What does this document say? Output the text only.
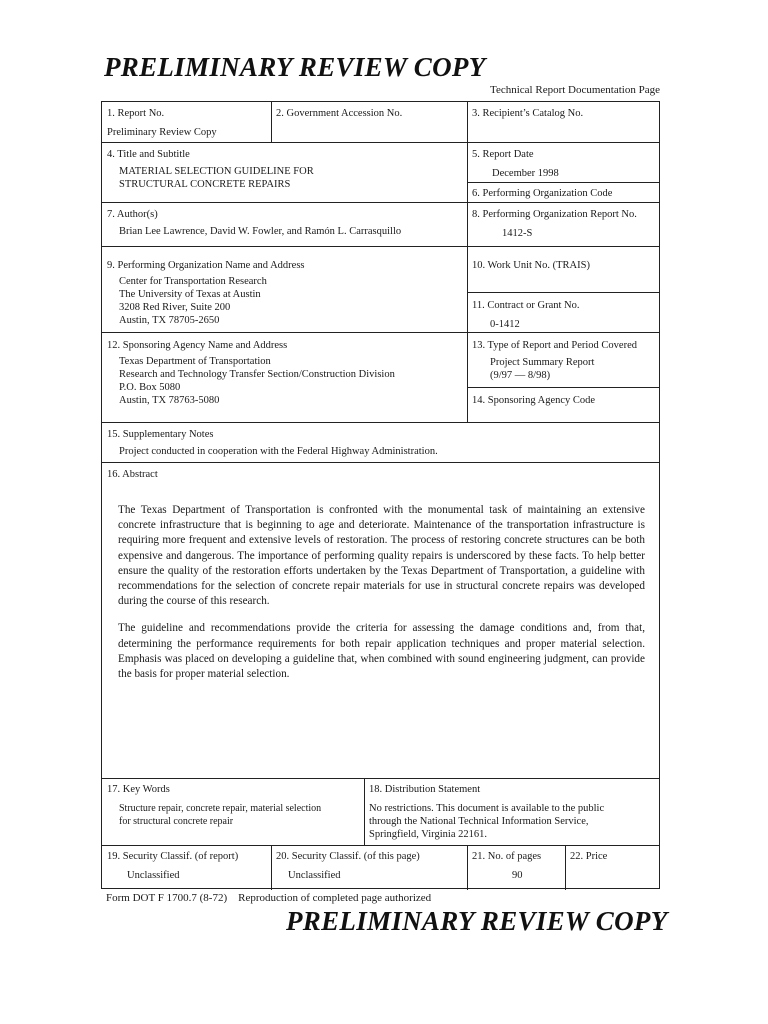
PRELIMINARY REVIEW COPY
Technical Report Documentation Page
1. Report No.
Preliminary Review Copy
2. Government Accession No.	3. Recipient’s Catalog No.
4. Title and Subtitle
MATERIAL SELECTION GUIDELINE FOR
STRUCTURAL CONCRETE REPAIRS
5. Report Date
December 1998
6. Performing Organization Code
7. Author(s)
Brian Lee Lawrence, David W. Fowler, and Ramón L. Carrasquillo
8. Performing Organization Report No.
1412-S
9. Performing Organization Name and Address
Center for Transportation Research
The University of Texas at Austin
3208 Red River, Suite 200
Austin, TX 78705-2650
10. Work Unit No. (TRAIS)
11. Contract or Grant No.
0-1412
12. Sponsoring Agency Name and Address
Texas Department of Transportation
Research and Technology Transfer Section/Construction Division
P.O. Box 5080
Austin, TX 78763-5080
13. Type of Report and Period Covered
Project Summary Report
(9/97 — 8/98)
14. Sponsoring Agency Code
15. Supplementary Notes
Project conducted in cooperation with the Federal Highway Administration.
16. Abstract

The Texas Department of Transportation is confronted with the monumental task of maintaining an extensive concrete infrastructure that is beginning to age and deteriorate. Maintenance of the transportation infrastructure is requiring more frequent and extensive levels of restoration. The process of restoring concrete structures can be both expensive and dangerous. The importance of performing quality repairs is underscored by these facts. To help better ensure the quality of the restoration efforts undertaken by the Texas Department of Transportation, a guideline with recommendations for the selection of concrete repair materials for use in structural concrete repairs was developed during the course of this research.

The guideline and recommendations provide the criteria for assessing the damage conditions and, from that, determining the performance requirements for both repair application techniques and proper material selection. Emphasis was placed on developing a guideline that, when combined with sound engineering judgment, can provide the basis for proper material selection.

17. Key Words
Structure repair, concrete repair, material selection
for structural concrete repair
18. Distribution Statement
No restrictions. This document is available to the public
through the National Technical Information Service,
Springfield, Virginia 22161.
19. Security Classif. (of report)
Unclassified
20. Security Classif. (of this page)
Unclassified
21. No. of pages
90
22. Price
Form DOT F 1700.7 (8-72)    Reproduction of completed page authorized
PRELIMINARY REVIEW COPY
